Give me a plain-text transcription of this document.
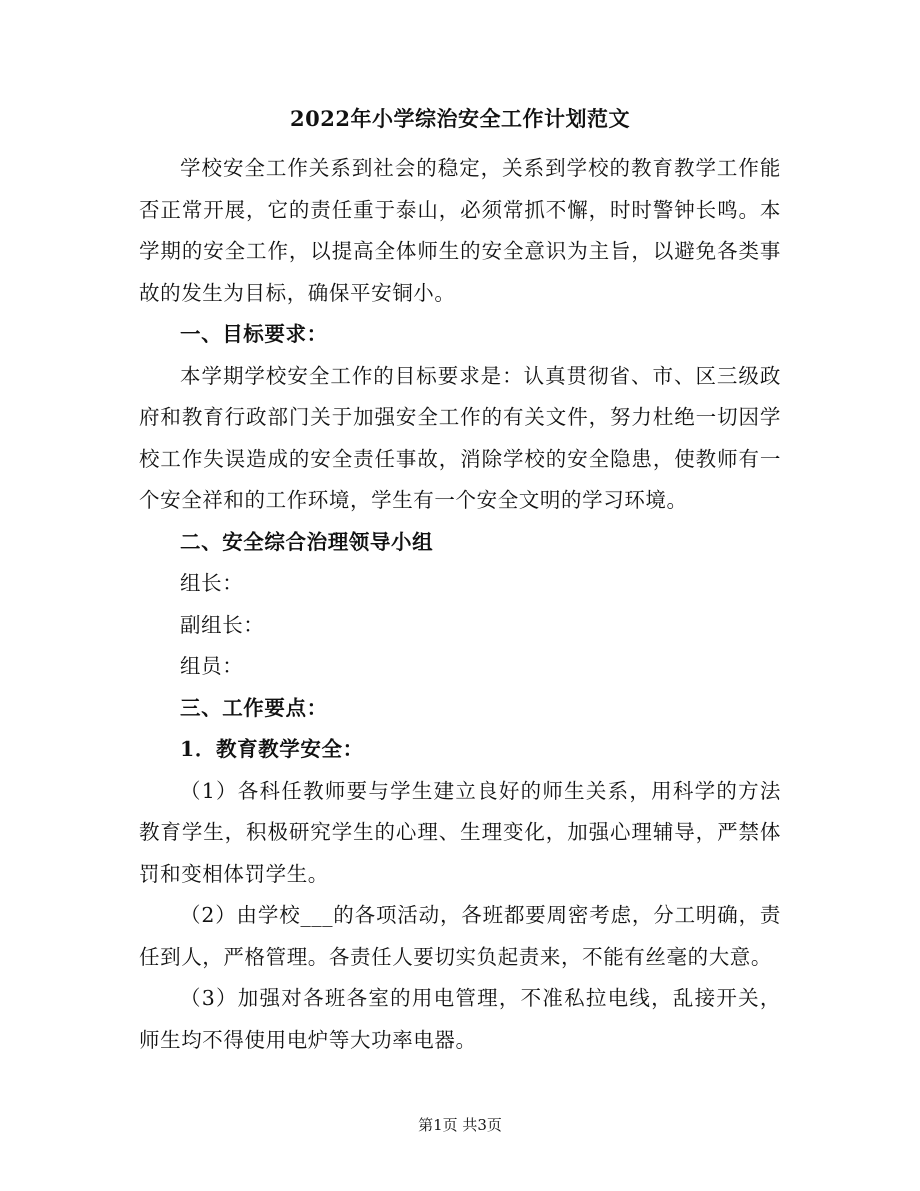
2022年小学综治安全工作计划范文

学校安全工作关系到社会的稳定，关系到学校的教育教学工作能否正常开展，它的责任重于泰山，必须常抓不懈，时时警钟长鸣。本学期的安全工作，以提高全体师生的安全意识为主旨，以避免各类事故的发生为目标，确保平安铜小。

一、目标要求：

本学期学校安全工作的目标要求是：认真贯彻省、市、区三级政府和教育行政部门关于加强安全工作的有关文件，努力杜绝一切因学校工作失误造成的安全责任事故，消除学校的安全隐患，使教师有一个安全祥和的工作环境，学生有一个安全文明的学习环境。

二、安全综合治理领导小组

组长：

副组长：

组员：

三、工作要点：

1．教育教学安全：

（1）各科任教师要与学生建立良好的师生关系，用科学的方法教育学生，积极研究学生的心理、生理变化，加强心理辅导，严禁体罚和变相体罚学生。

（2）由学校___的各项活动，各班都要周密考虑，分工明确，责任到人，严格管理。各责任人要切实负起责来，不能有丝毫的大意。

（3）加强对各班各室的用电管理，不准私拉电线，乱接开关，师生均不得使用电炉等大功率电器。

第1页 共3页
